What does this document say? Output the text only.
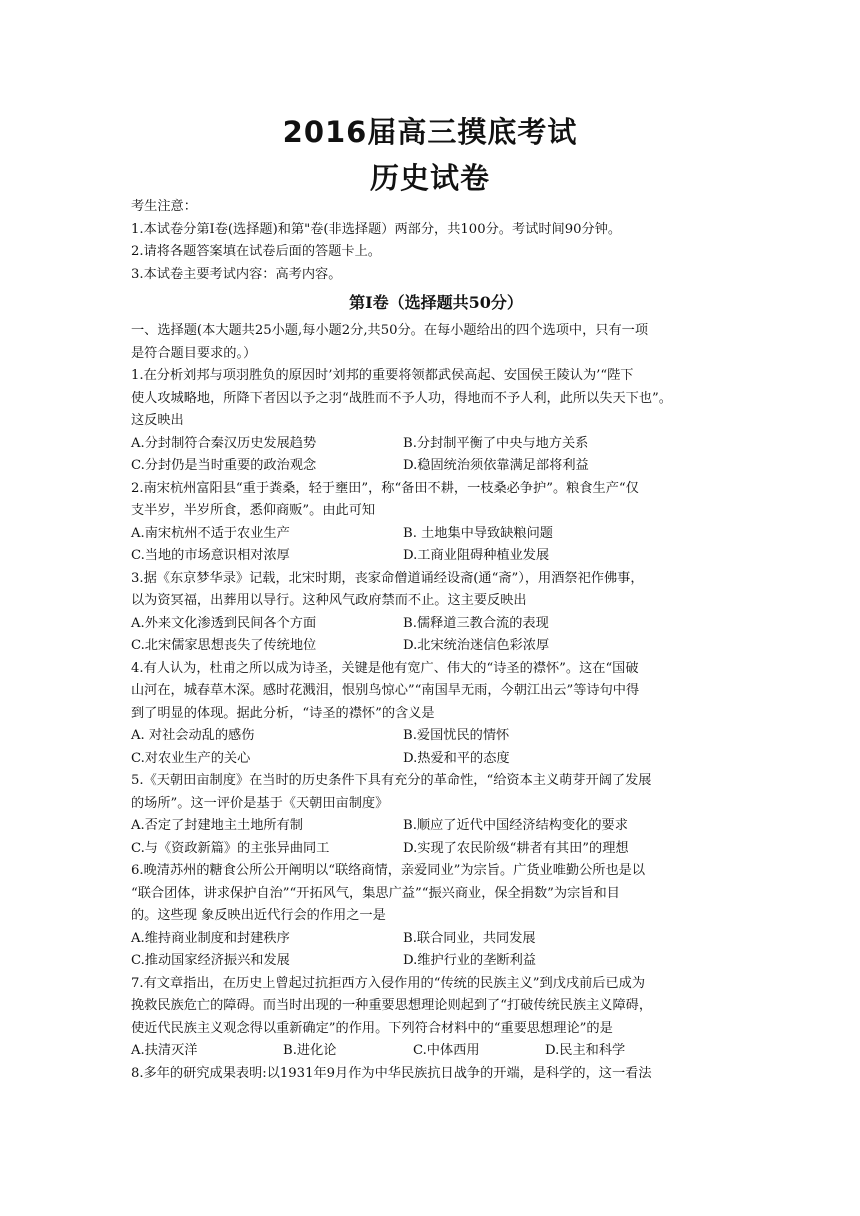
2016届高三摸底考试
历史试卷
考生注意：
1.本试卷分第Ⅰ卷(选择题)和第"卷(非选择题）两部分，共100分。考试时间90分钟。
2.请将各题答案填在试卷后面的答题卡上。
3.本试卷主要考试内容：高考内容。
第Ⅰ卷（选择题共50分）
一、选择题(本大题共25小题,每小题2分,共50分。在每小题给出的四个选项中，只有一项
是符合题目要求的。）
1.在分析刘邦与项羽胜负的原因时’刘邦的重要将领都武侯高起、安国侯王陵认为’“陛下
使人攻城略地，所降下者因以予之羽“战胜而不予人功，得地而不予人利，此所以失天下也”。
这反映出
A.分封制符合秦汉历史发展趋势	B.分封制平衡了中央与地方关系
C.分封仍是当时重要的政治观念	D.稳固统治须依靠满足部将利益
2.南宋杭州富阳县“重于粪桑，轻于壅田”，称“备田不耕，一枝桑必争护”。粮食生产“仅
支半岁，半岁所食，悉仰商贩”。由此可知
A.南宋杭州不适于农业生产	B. 土地集中导致缺粮问题
C.当地的市场意识相对浓厚	D.工商业阻碍种植业发展
3.据《东京梦华录》记载，北宋时期，丧家命僧道诵经设斋(通“斋”），用酒祭祀作佛事，
以为资冥福，出葬用以导行。这种风气政府禁而不止。这主要反映出
A.外来文化渗透到民间各个方面	B.儒释道三教合流的表现
C.北宋儒家思想丧失了传统地位	D.北宋统治迷信色彩浓厚
4.有人认为，杜甫之所以成为诗圣，关键是他有宽广、伟大的“诗圣的襟怀”。这在“国破
山河在，城春草木深。感时花溅泪，恨别鸟惊心”“南国旱无雨，今朝江出云”等诗句中得
到了明显的体现。据此分析，“诗圣的襟怀”的含义是
A. 对社会动乱的感伤	B.爱国忧民的情怀
C.对农业生产的关心	D.热爱和平的态度
5.《天朝田亩制度》在当时的历史条件下具有充分的革命性，“给资本主义萌芽开阔了发展
的场所”。这一评价是基于《天朝田亩制度》
A.否定了封建地主土地所有制	B.顺应了近代中国经济结构变化的要求
C.与《资政新篇》的主张异曲同工	D.实现了农民阶级“耕者有其田”的理想
6.晚清苏州的糖食公所公开阐明以“联络商情，亲爱同业”为宗旨。广货业唯勤公所也是以
“联合团体，讲求保护自治”“开拓风气，集思广益”“振兴商业，保全捐数”为宗旨和目
的。这些现 象反映出近代行会的作用之一是
A.维持商业制度和封建秩序	B.联合同业，共同发展
C.推动国家经济振兴和发展	D.维护行业的垄断利益
7.有文章指出，在历史上曾起过抗拒西方入侵作用的“传统的民族主义”到戊戌前后已成为
挽救民族危亡的障碍。而当时出现的一种重要思想理论则起到了“打破传统民族主义障碍，
使近代民族主义观念得以重新确定”的作用。下列符合材料中的“重要思想理论”的是
A.扶清灭洋	B.进化论	C.中体西用	D.民主和科学
8.多年的研究成果表明:以1931年9月作为中华民族抗日战争的开端，是科学的，这一看法
